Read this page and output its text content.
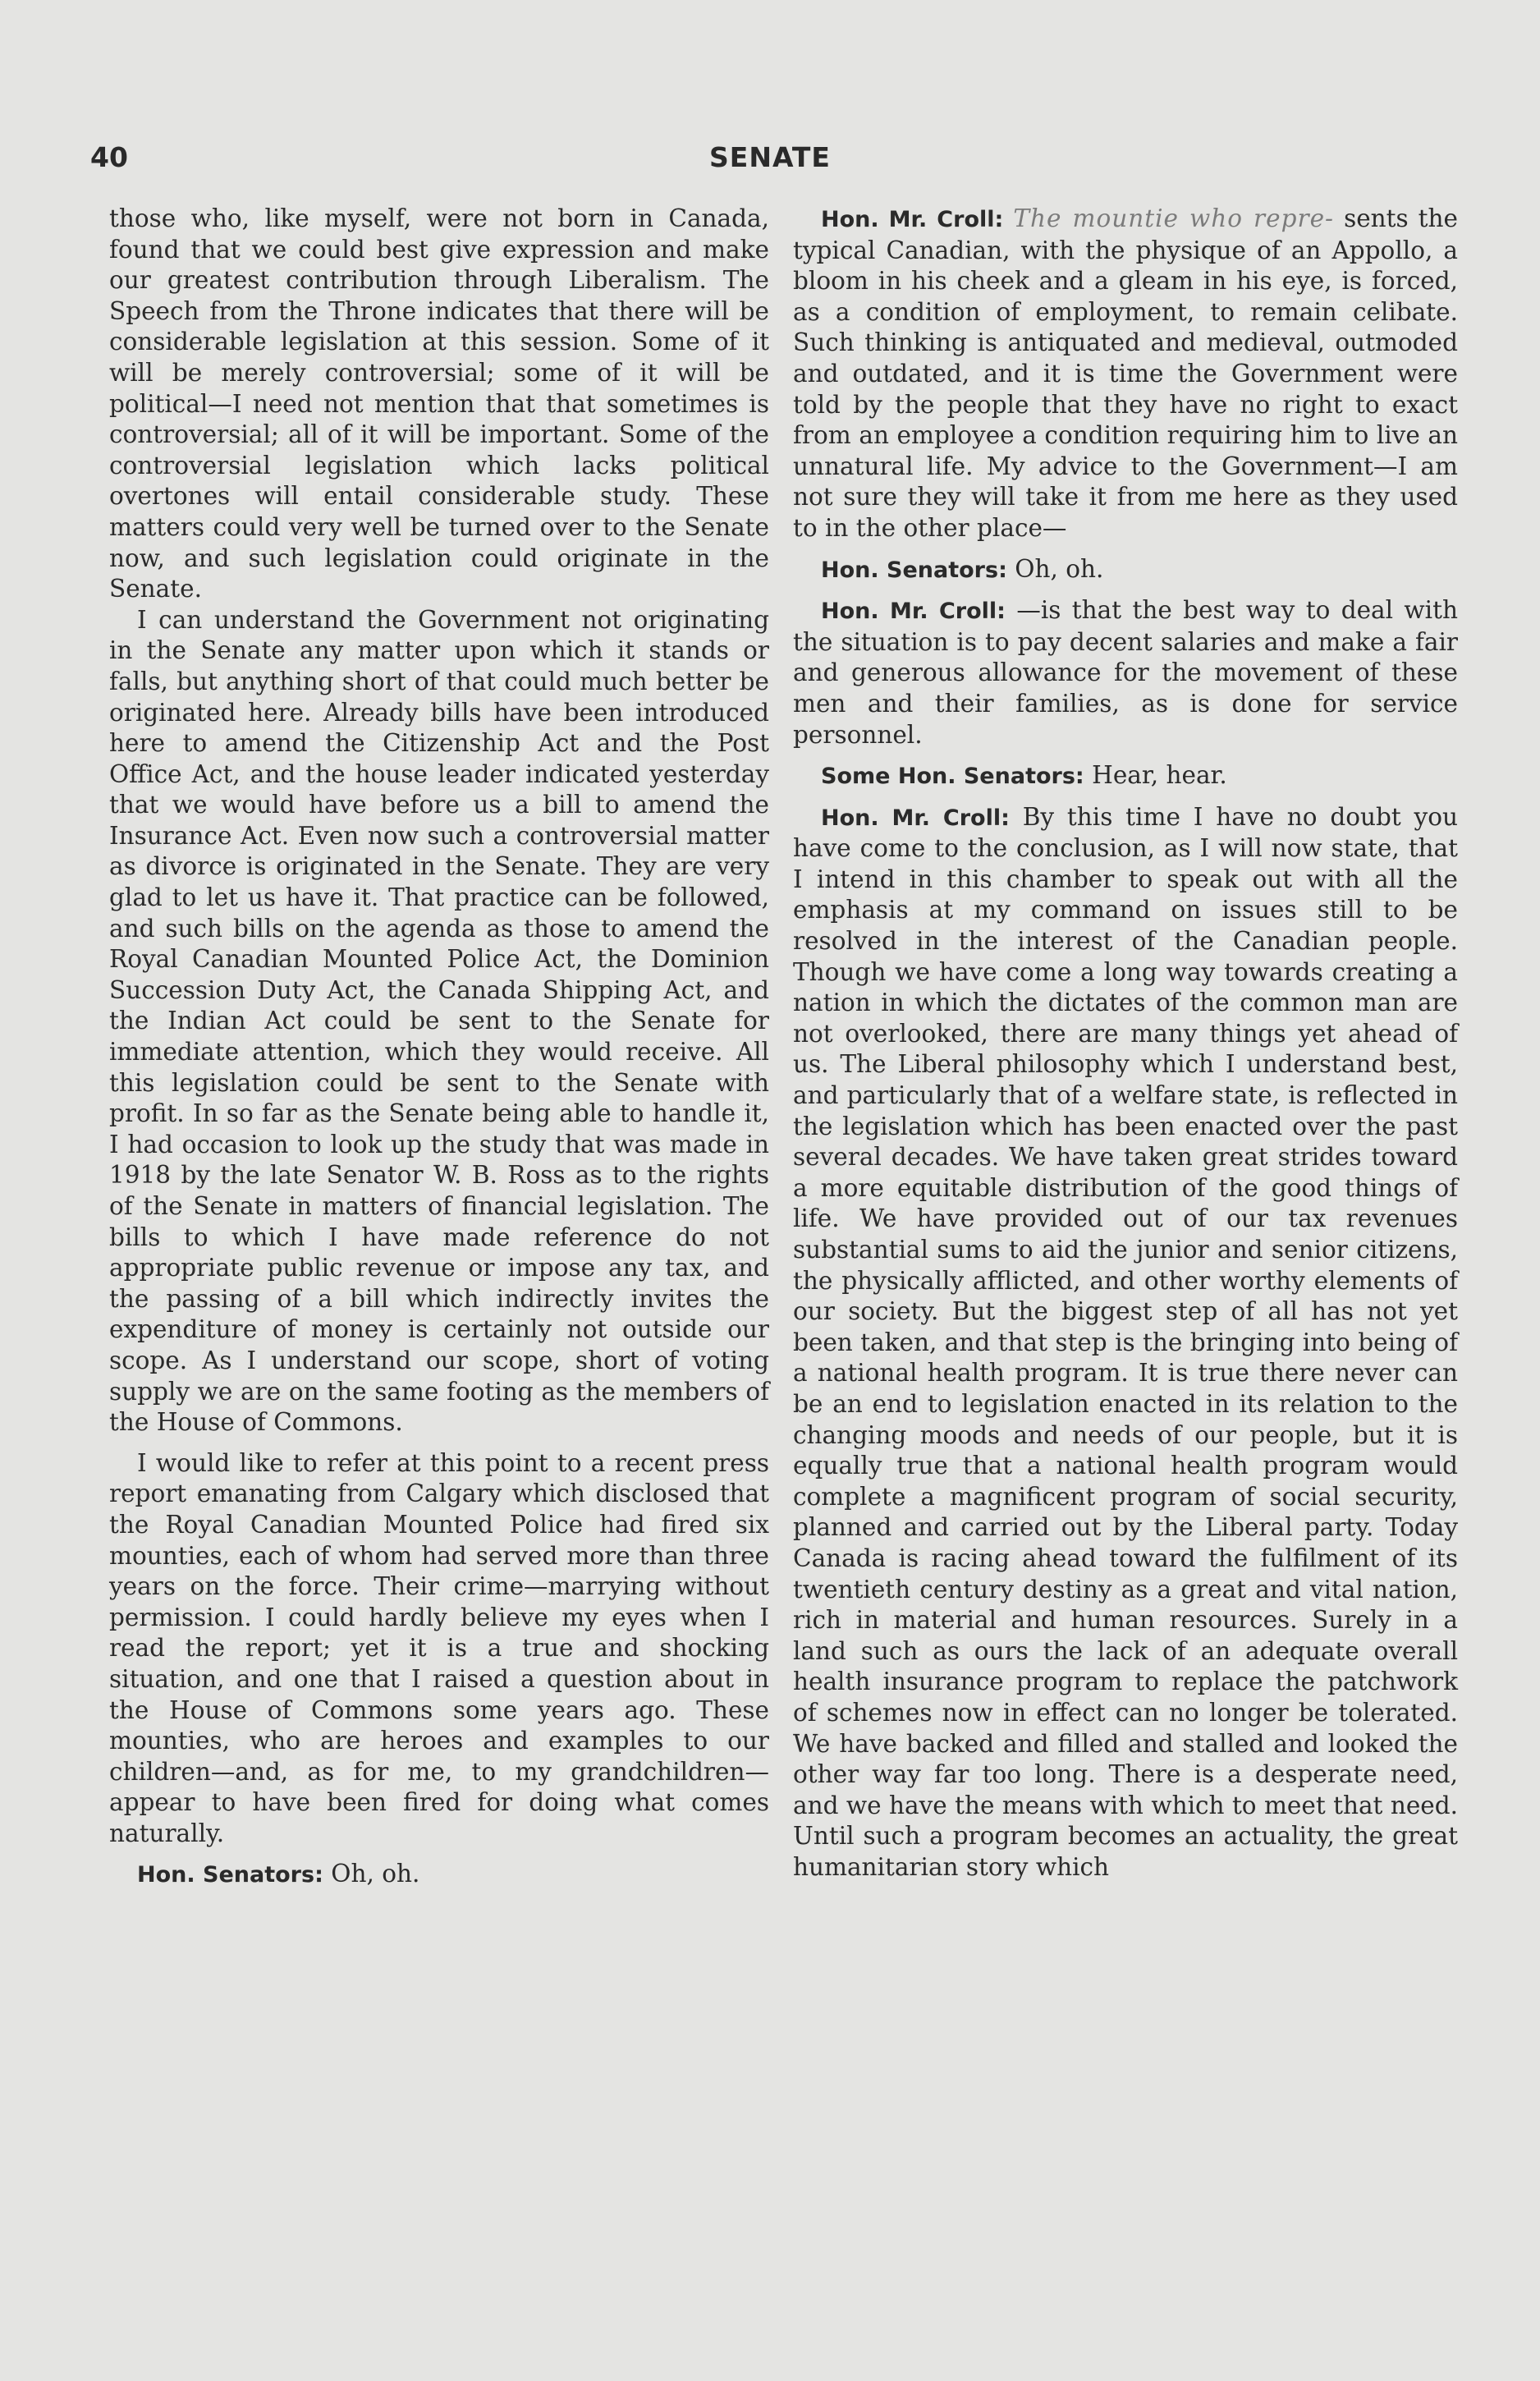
40	SENATE

those who, like myself, were not born in Canada, found that we could best give expression and make our greatest contribution through Liberalism. The Speech from the Throne indicates that there will be considerable legislation at this session. Some of it will be merely controversial; some of it will be political—I need not mention that that sometimes is controversial; all of it will be important. Some of the controversial legislation which lacks political overtones will entail considerable study. These matters could very well be turned over to the Senate now, and such legislation could originate in the Senate.

I can understand the Government not originating in the Senate any matter upon which it stands or falls, but anything short of that could much better be originated here. Already bills have been introduced here to amend the Citizenship Act and the Post Office Act, and the house leader indicated yesterday that we would have before us a bill to amend the Insurance Act. Even now such a controversial matter as divorce is originated in the Senate. They are very glad to let us have it. That practice can be followed, and such bills on the agenda as those to amend the Royal Canadian Mounted Police Act, the Dominion Succession Duty Act, the Canada Shipping Act, and the Indian Act could be sent to the Senate for immediate attention, which they would receive. All this legislation could be sent to the Senate with profit. In so far as the Senate being able to handle it, I had occasion to look up the study that was made in 1918 by the late Senator W. B. Ross as to the rights of the Senate in matters of financial legislation. The bills to which I have made reference do not appropriate public revenue or impose any tax, and the passing of a bill which indirectly invites the expenditure of money is certainly not outside our scope. As I understand our scope, short of voting supply we are on the same footing as the members of the House of Commons.

I would like to refer at this point to a recent press report emanating from Calgary which disclosed that the Royal Canadian Mounted Police had fired six mounties, each of whom had served more than three years on the force. Their crime—marrying without permission. I could hardly believe my eyes when I read the report; yet it is a true and shocking situation, and one that I raised a question about in the House of Commons some years ago. These mounties, who are heroes and examples to our children—and, as for me, to my grandchildren—appear to have been fired for doing what comes naturally.

Hon. Senators: Oh, oh.

Hon. Mr. Croll: The mountie who repre- sents the typical Canadian, with the physique of an Appollo, a bloom in his cheek and a gleam in his eye, is forced, as a condition of employment, to remain celibate. Such thinking is antiquated and medieval, outmoded and outdated, and it is time the Government were told by the people that they have no right to exact from an employee a condition requiring him to live an unnatural life. My advice to the Government—I am not sure they will take it from me here as they used to in the other place—

Hon. Senators: Oh, oh.

Hon. Mr. Croll: —is that the best way to deal with the situation is to pay decent salaries and make a fair and generous allowance for the movement of these men and their families, as is done for service personnel.

Some Hon. Senators: Hear, hear.

Hon. Mr. Croll: By this time I have no doubt you have come to the conclusion, as I will now state, that I intend in this chamber to speak out with all the emphasis at my command on issues still to be resolved in the interest of the Canadian people. Though we have come a long way towards creating a nation in which the dictates of the common man are not overlooked, there are many things yet ahead of us. The Liberal philosophy which I understand best, and particularly that of a welfare state, is reflected in the legislation which has been enacted over the past several decades. We have taken great strides toward a more equitable distribution of the good things of life. We have provided out of our tax revenues substantial sums to aid the junior and senior citizens, the physically afflicted, and other worthy elements of our society. But the biggest step of all has not yet been taken, and that step is the bringing into being of a national health program. It is true there never can be an end to legislation enacted in its relation to the changing moods and needs of our people, but it is equally true that a national health program would complete a magnificent program of social security, planned and carried out by the Liberal party. Today Canada is racing ahead toward the fulfilment of its twentieth century destiny as a great and vital nation, rich in material and human resources. Surely in a land such as ours the lack of an adequate overall health insurance program to replace the patchwork of schemes now in effect can no longer be tolerated. We have backed and filled and stalled and looked the other way far too long. There is a desperate need, and we have the means with which to meet that need. Until such a program becomes an actuality, the great humanitarian story which
